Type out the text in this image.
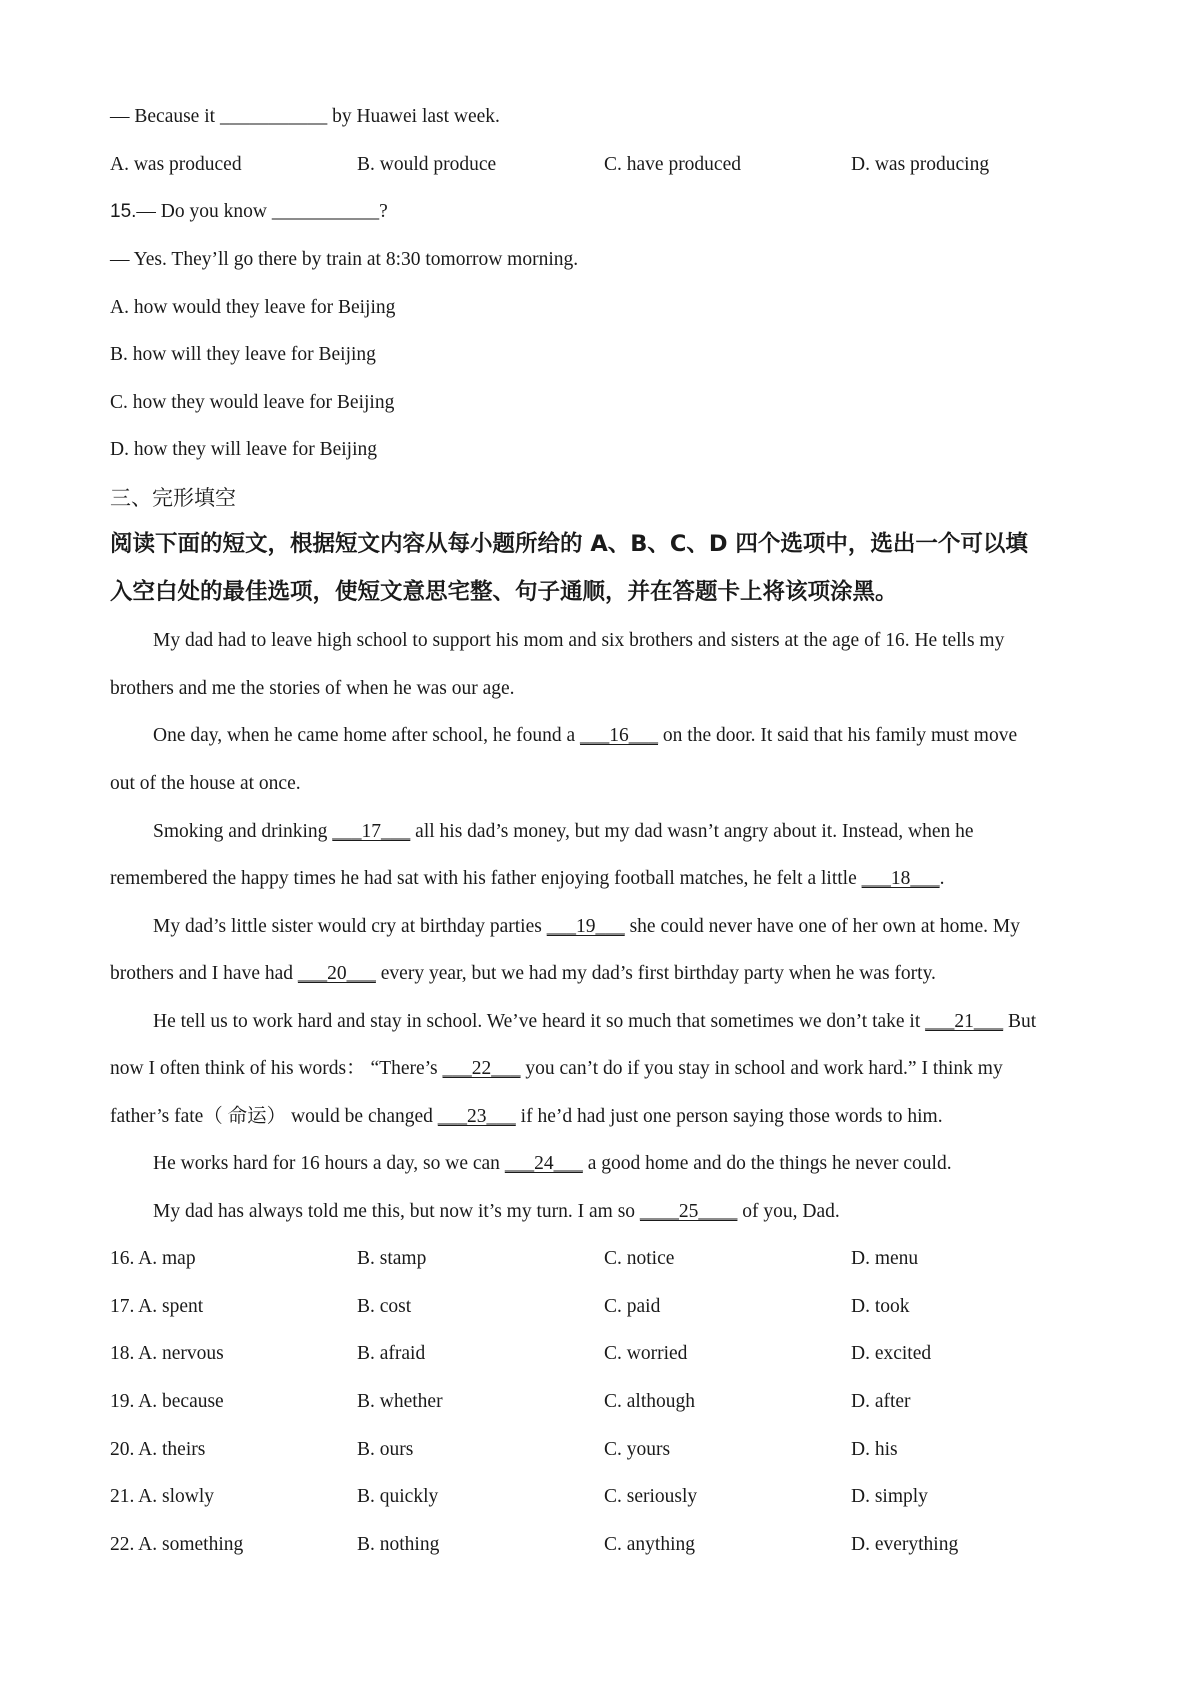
— Because it ___________ by Huawei last week.
A. was produced	B. would produce	C. have produced	D. was producing
15.— Do you know ___________?
— Yes. They’ll go there by train at 8:30 tomorrow morning.
A. how would they leave for Beijing
B. how will they leave for Beijing
C. how they would leave for Beijing
D. how they will leave for Beijing
三、完形填空
阅读下面的短文，根据短文内容从每小题所给的 A、B、C、D 四个选项中，选出一个可以填
入空白处的最佳选项，使短文意思宅整、句子通顺，并在答题卡上将该项涂黑。
My dad had to leave high school to support his mom and six brothers and sisters at the age of 16. He tells my
brothers and me the stories of when he was our age.
One day, when he came home after school, he found a ___16___ on the door. It said that his family must move
out of the house at once.
Smoking and drinking ___17___ all his dad’s money, but my dad wasn’t angry about it. Instead, when he
remembered the happy times he had sat with his father enjoying football matches, he felt a little ___18___.
My dad’s little sister would cry at birthday parties ___19___ she could never have one of her own at home. My
brothers and I have had ___20___ every year, but we had my dad’s first birthday party when he was forty.
He tell us to work hard and stay in school. We’ve heard it so much that sometimes we don’t take it ___21___ But
now I often think of his words： “There’s ___22___ you can’t do if you stay in school and work hard.” I think my
father’s fate（ 命运） would be changed ___23___ if he’d had just one person saying those words to him.
He works hard for 16 hours a day, so we can ___24___ a good home and do the things he never could.
My dad has always told me this, but now it’s my turn. I am so ____25____ of you, Dad.
16. A. map	B. stamp	C. notice	D. menu
17. A. spent	B. cost	C. paid	D. took
18. A. nervous	B. afraid	C. worried	D. excited
19. A. because	B. whether	C. although	D. after
20. A. theirs	B. ours	C. yours	D. his
21. A. slowly	B. quickly	C. seriously	D. simply
22. A. something	B. nothing	C. anything	D. everything
